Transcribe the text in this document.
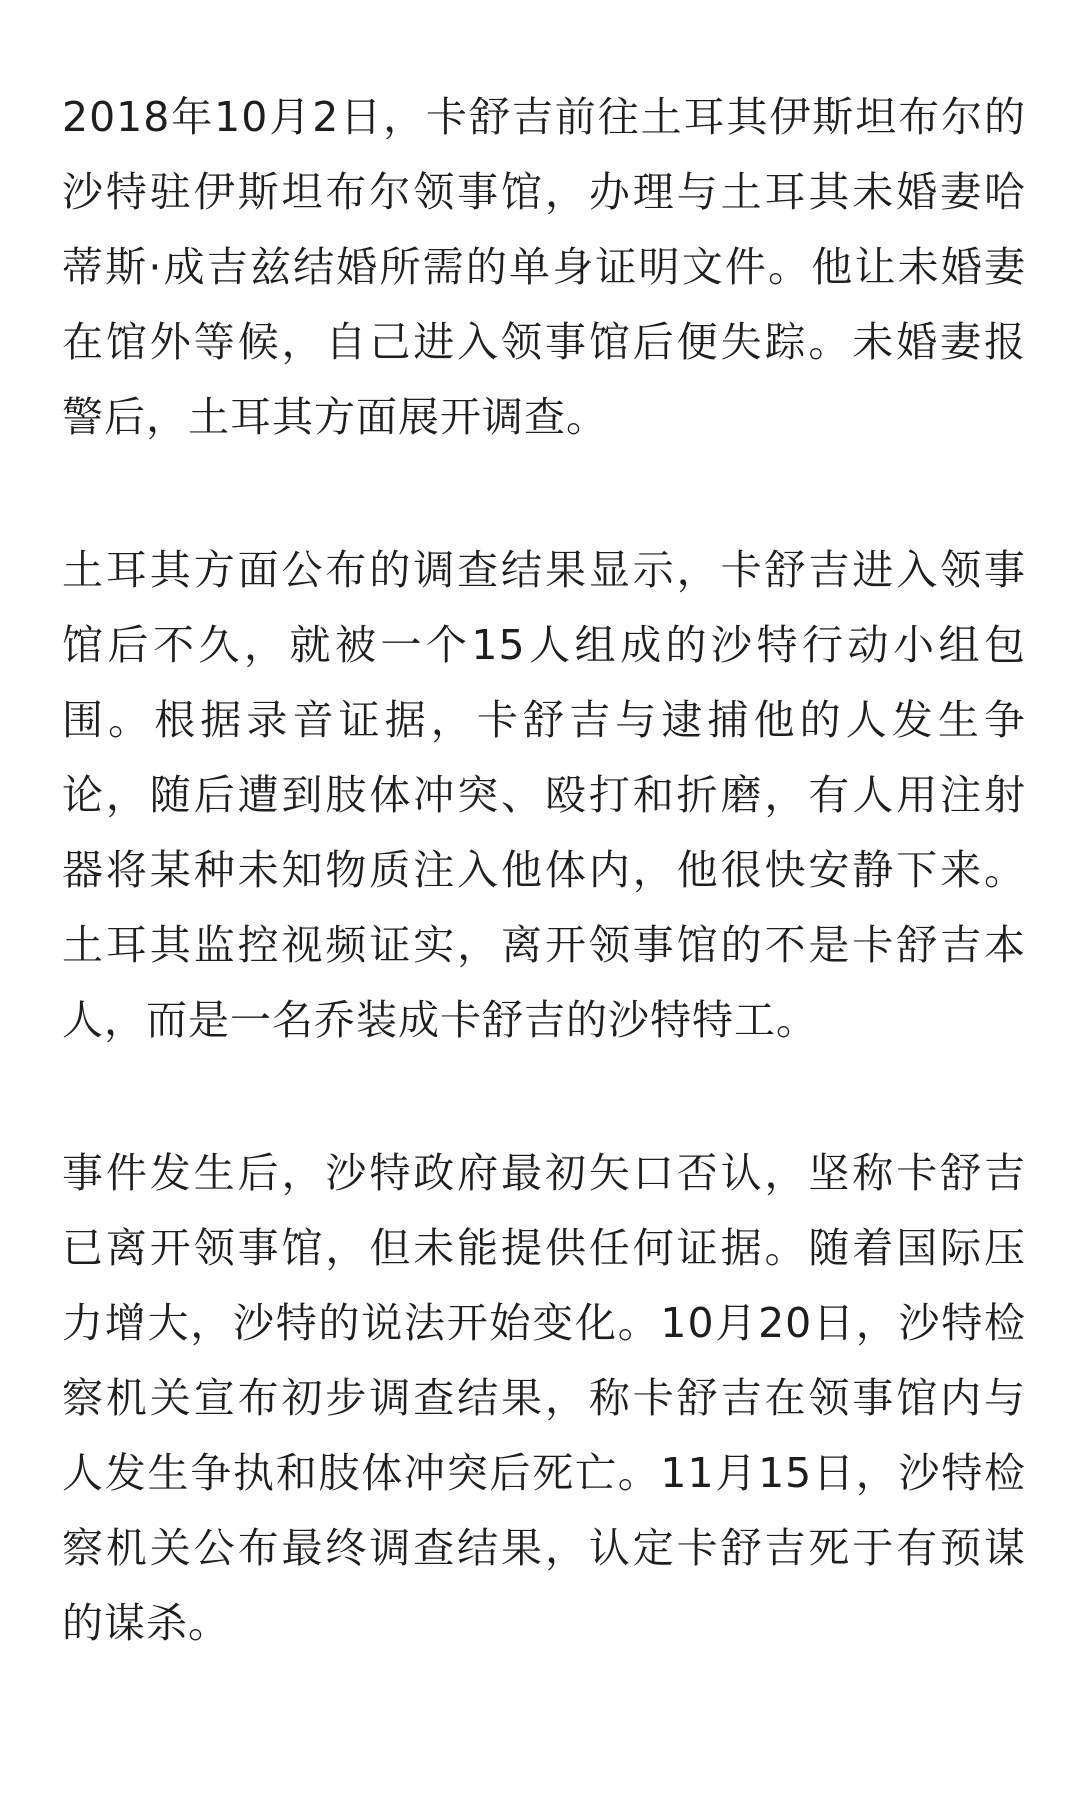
2018年10月2日，卡舒吉前往土耳其伊斯坦布尔的沙特驻伊斯坦布尔领事馆，办理与土耳其未婚妻哈蒂斯·成吉兹结婚所需的单身证明文件。他让未婚妻在馆外等候，自己进入领事馆后便失踪。未婚妻报警后，土耳其方面展开调查。

土耳其方面公布的调查结果显示，卡舒吉进入领事馆后不久，就被一个15人组成的沙特行动小组包围。根据录音证据，卡舒吉与逮捕他的人发生争论，随后遭到肢体冲突、殴打和折磨，有人用注射器将某种未知物质注入他体内，他很快安静下来。土耳其监控视频证实，离开领事馆的不是卡舒吉本人，而是一名乔装成卡舒吉的沙特特工。

事件发生后，沙特政府最初矢口否认，坚称卡舒吉已离开领事馆，但未能提供任何证据。随着国际压力增大，沙特的说法开始变化。10月20日，沙特检察机关宣布初步调查结果，称卡舒吉在领事馆内与人发生争执和肢体冲突后死亡。11月15日，沙特检察机关公布最终调查结果，认定卡舒吉死于有预谋的谋杀。
